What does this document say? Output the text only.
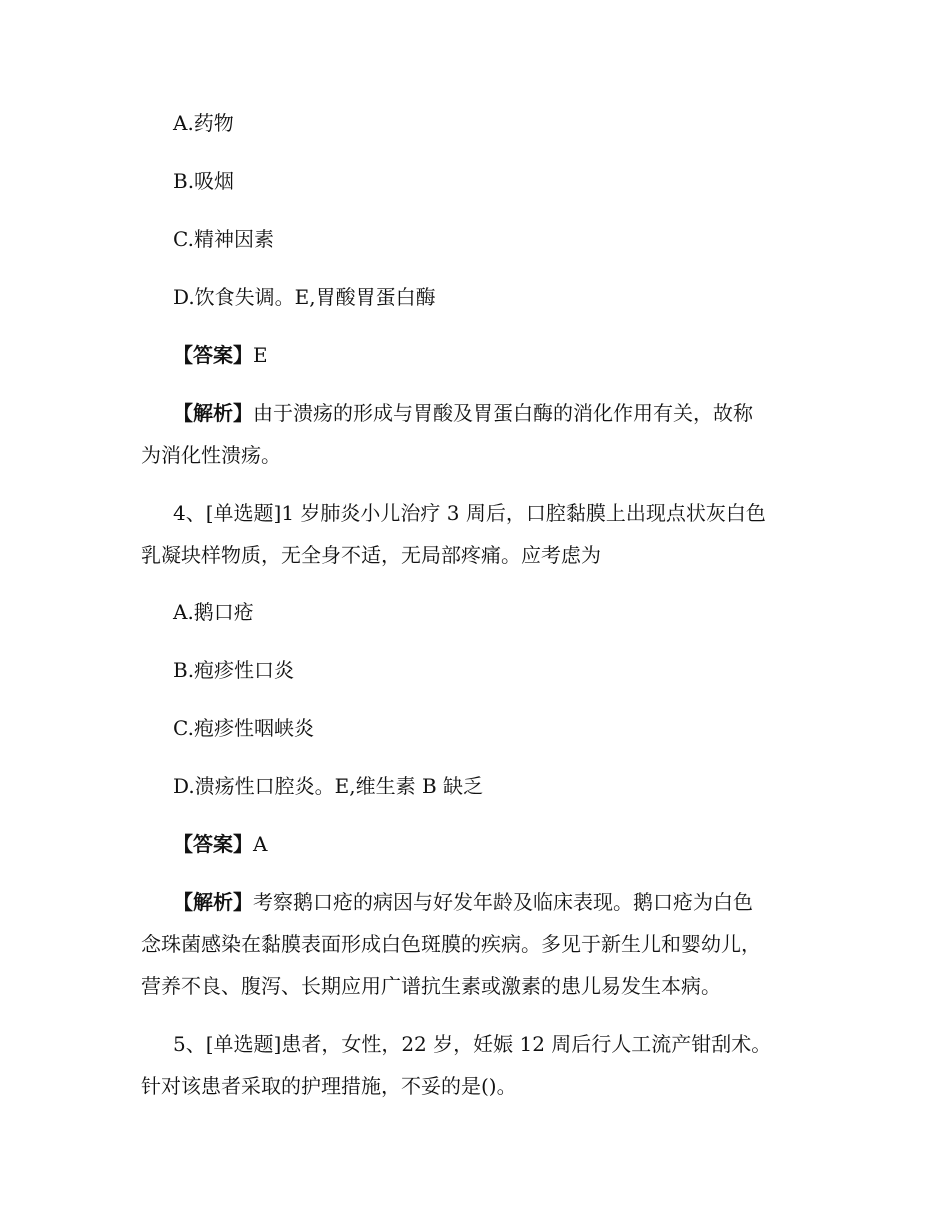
A.药物
B.吸烟
C.精神因素
D.饮食失调。E,胃酸胃蛋白酶
【答案】E
【解析】由于溃疡的形成与胃酸及胃蛋白酶的消化作用有关，故称
为消化性溃疡。
4、[单选题]1 岁肺炎小儿治疗 3 周后，口腔黏膜上出现点状灰白色
乳凝块样物质，无全身不适，无局部疼痛。应考虑为
A.鹅口疮
B.疱疹性口炎
C.疱疹性咽峡炎
D.溃疡性口腔炎。E,维生素 B 缺乏
【答案】A
【解析】考察鹅口疮的病因与好发年龄及临床表现。鹅口疮为白色
念珠菌感染在黏膜表面形成白色斑膜的疾病。多见于新生儿和婴幼儿，
营养不良、腹泻、长期应用广谱抗生素或激素的患儿易发生本病。
5、[单选题]患者，女性，22 岁，妊娠 12 周后行人工流产钳刮术。
针对该患者采取的护理措施，不妥的是()。
